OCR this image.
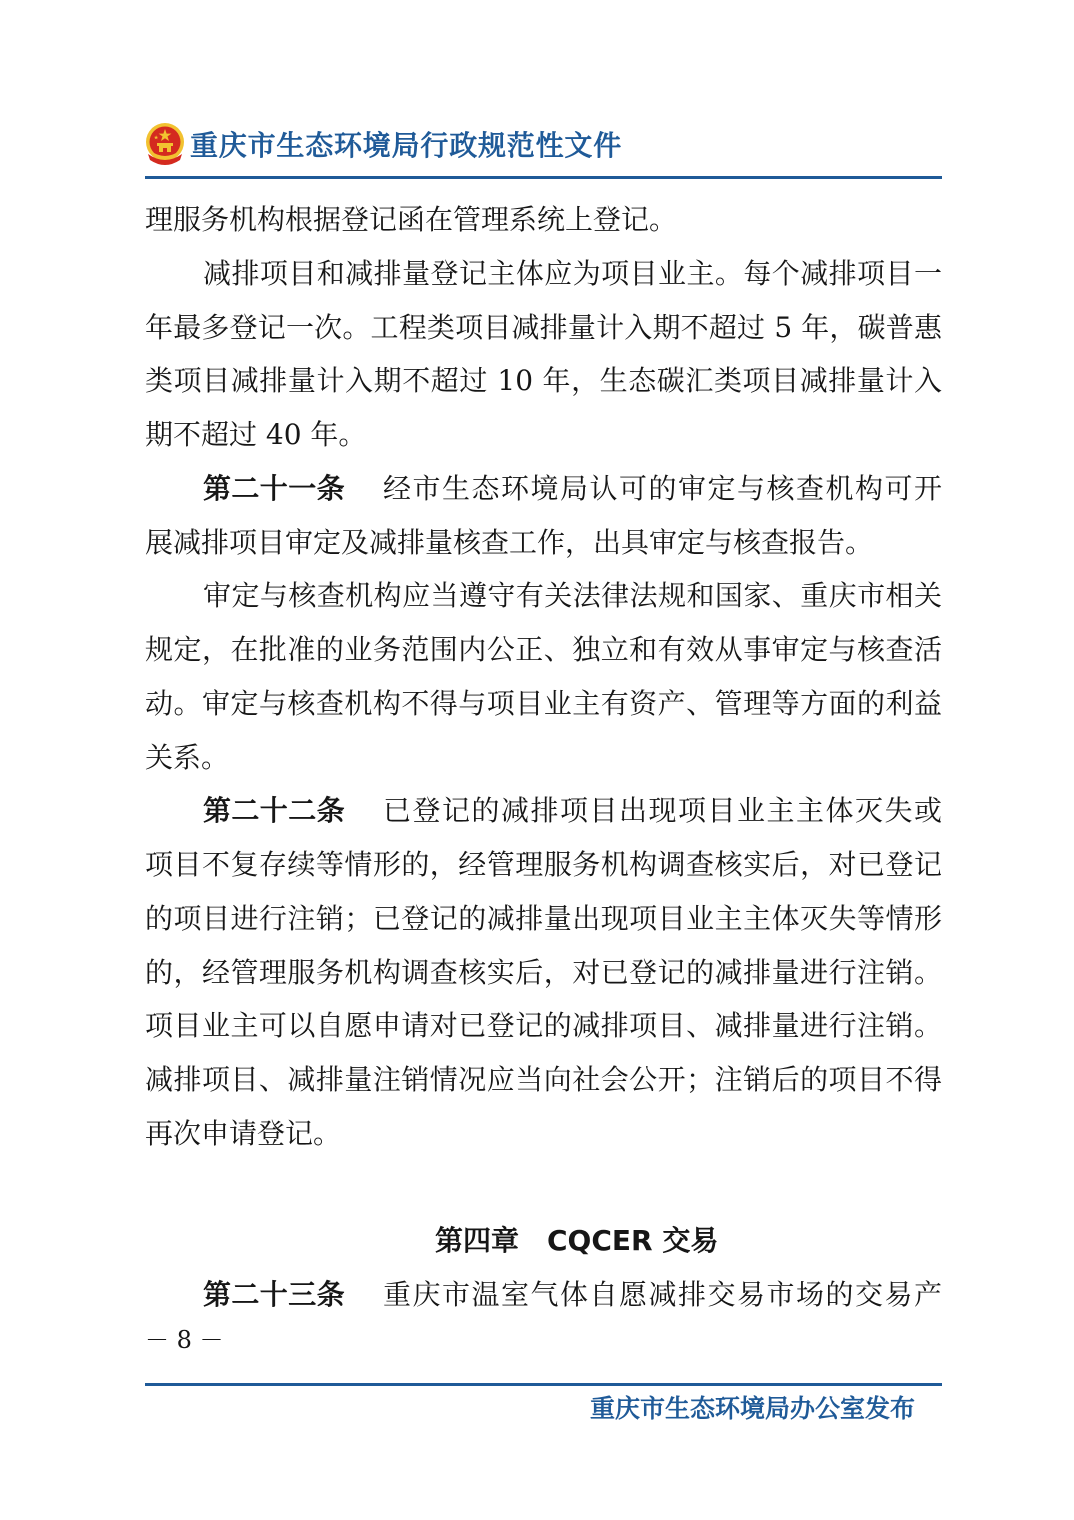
重庆市生态环境局行政规范性文件
理服务机构根据登记函在管理系统上登记。
减排项目和减排量登记主体应为项目业主。每个减排项目一
年最多登记一次。工程类项目减排量计入期不超过 5 年，碳普惠
类项目减排量计入期不超过 10 年，生态碳汇类项目减排量计入
期不超过 40 年。
第二十一条 经市生态环境局认可的审定与核查机构可开
展减排项目审定及减排量核查工作，出具审定与核查报告。
审定与核查机构应当遵守有关法律法规和国家、重庆市相关
规定，在批准的业务范围内公正、独立和有效从事审定与核查活
动。审定与核查机构不得与项目业主有资产、管理等方面的利益
关系。
第二十二条 已登记的减排项目出现项目业主主体灭失或
项目不复存续等情形的，经管理服务机构调查核实后，对已登记
的项目进行注销；已登记的减排量出现项目业主主体灭失等情形
的，经管理服务机构调查核实后，对已登记的减排量进行注销。
项目业主可以自愿申请对已登记的减排项目、减排量进行注销。
减排项目、减排量注销情况应当向社会公开；注销后的项目不得
再次申请登记。
第四章　CQCER 交易
第二十三条 重庆市温室气体自愿减排交易市场的交易产
－ 8 －
重庆市生态环境局办公室发布
